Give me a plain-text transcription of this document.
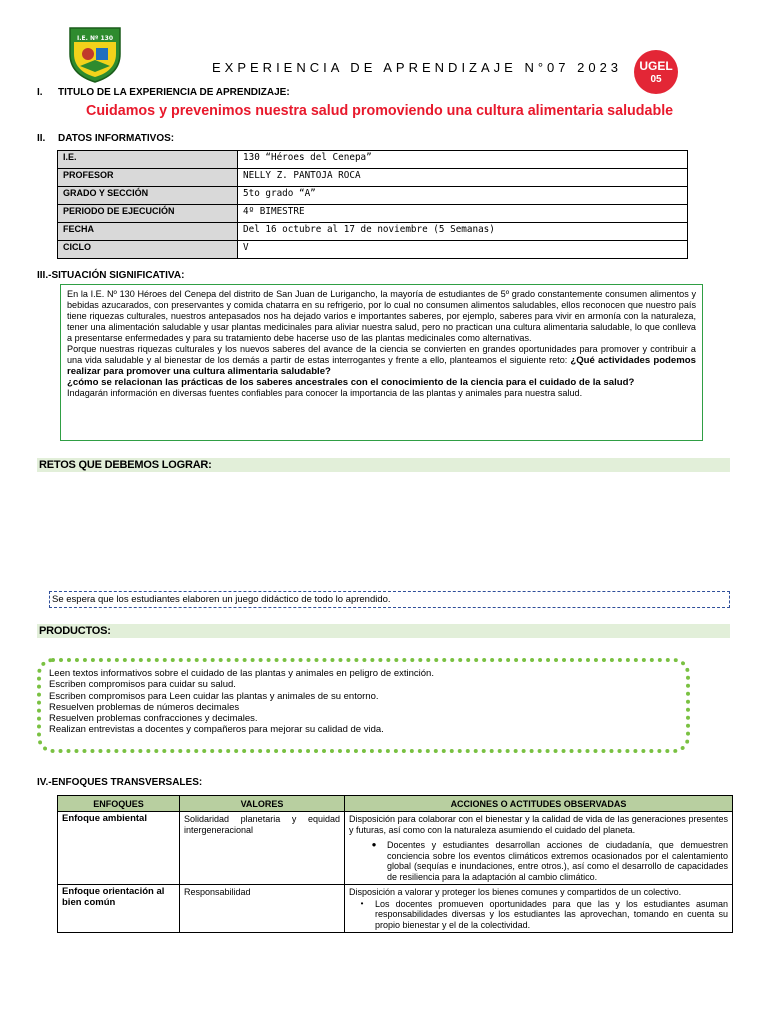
I.E. Nº 130
EXPERIENCIA DE APRENDIZAJE N°07 2023	UGEL
05
I. TITULO DE LA EXPERIENCIA DE APRENDIZAJE:
Cuidamos y prevenimos nuestra salud promoviendo una cultura alimentaria saludable
II. DATOS INFORMATIVOS:
I.E.	130 “Héroes del Cenepa”
PROFESOR	NELLY Z. PANTOJA ROCA
GRADO Y SECCIÓN	5to grado “A”
PERIODO DE EJECUCIÓN	4º BIMESTRE
FECHA	Del 16 octubre al 17 de noviembre (5 Semanas)
CICLO	V
III.-SITUACIÓN SIGNIFICATIVA:

En la I.E. Nº 130 Héroes del Cenepa del distrito de San Juan de Lurigancho, la mayoría de estudiantes de 5º grado constantemente consumen alimentos y bebidas azucarados, con preservantes y comida chatarra en su refrigerio, por lo cual no consumen alimentos saludables, ellos reconocen que nuestro país tiene riquezas culturales, nuestros antepasados nos ha dejado varios e importantes saberes, por ejemplo, saberes para vivir en armonía con la naturaleza, tener una alimentación saludable y usar plantas medicinales para aliviar nuestra salud, pero no practican una cultura alimentaria saludable, lo que conlleva a presentarse enfermedades y para su tratamiento debe hacerse uso de las plantas medicinales como alternativas.

Porque nuestras riquezas culturales y los nuevos saberes del avance de la ciencia se convierten en grandes oportunidades para promover y contribuir a una vida saludable y al bienestar de los demás a partir de estas interrogantes y frente a ello, planteamos el siguiente reto: ¿Qué actividades podemos realizar para promover una cultura alimentaria saludable?

¿cómo se relacionan las prácticas de los saberes ancestrales con el conocimiento de la ciencia para el cuidado de la salud?

Indagarán información en diversas fuentes confiables para conocer la importancia de las plantas y animales para nuestra salud.

RETOS QUE DEBEMOS LOGRAR:
Se espera que los estudiantes elaboren un juego didáctico de todo lo aprendido.
PRODUCTOS:
Leen textos informativos sobre el cuidado de las plantas y animales en peligro de extinción.
Escriben compromisos para cuidar su salud.
Escriben compromisos para Leen cuidar las plantas y animales de su entorno.
Resuelven problemas de números decimales
Resuelven problemas confracciones y decimales.
Realizan entrevistas a docentes y compañeros para mejorar su calidad de vida.
IV.-ENFOQUES TRANSVERSALES:
ENFOQUES	VALORES	ACCIONES O ACTITUDES OBSERVADAS
Enfoque ambiental	Solidaridad planetaria y equidad intergeneracional	Disposición para colaborar con el bienestar y la calidad de vida de las generaciones presentes y futuras, así como con la naturaleza asumiendo el cuidado del planeta.
● Docentes y estudiantes desarrollan acciones de ciudadanía, que demuestren conciencia sobre los eventos climáticos extremos ocasionados por el calentamiento global (sequías e inundaciones, entre otros.), así como el desarrollo de capacidades de resiliencia para la adaptación al cambio climático.

Enfoque orientación al bien común	Responsabilidad	Disposición a valorar y proteger los bienes comunes y compartidos de un colectivo.
• Los docentes promueven oportunidades para que las y los estudiantes asuman responsabilidades diversas y los estudiantes las aprovechan, tomando en cuenta su propio bienestar y el de la colectividad.
